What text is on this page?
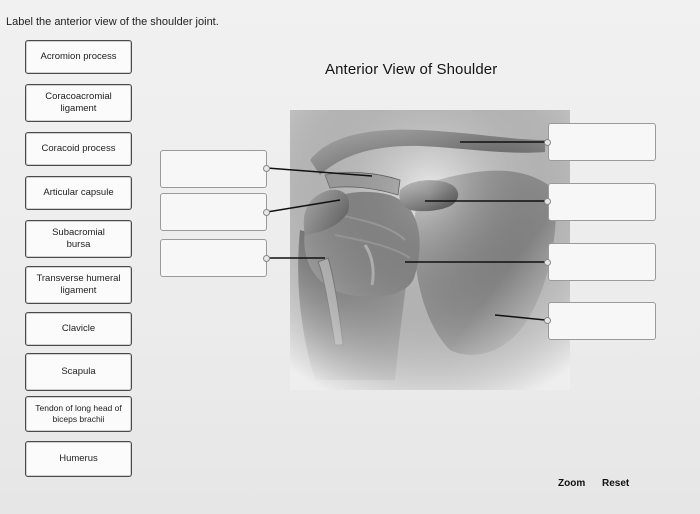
Label the anterior view of the shoulder joint.
Acromion process
Coracoacromial ligament
Coracoid process
Articular capsule
Subacromial bursa
Transverse humeral ligament
Clavicle
Scapula
Tendon of long head of biceps brachii
Humerus
Anterior View of Shoulder
Zoom Reset
